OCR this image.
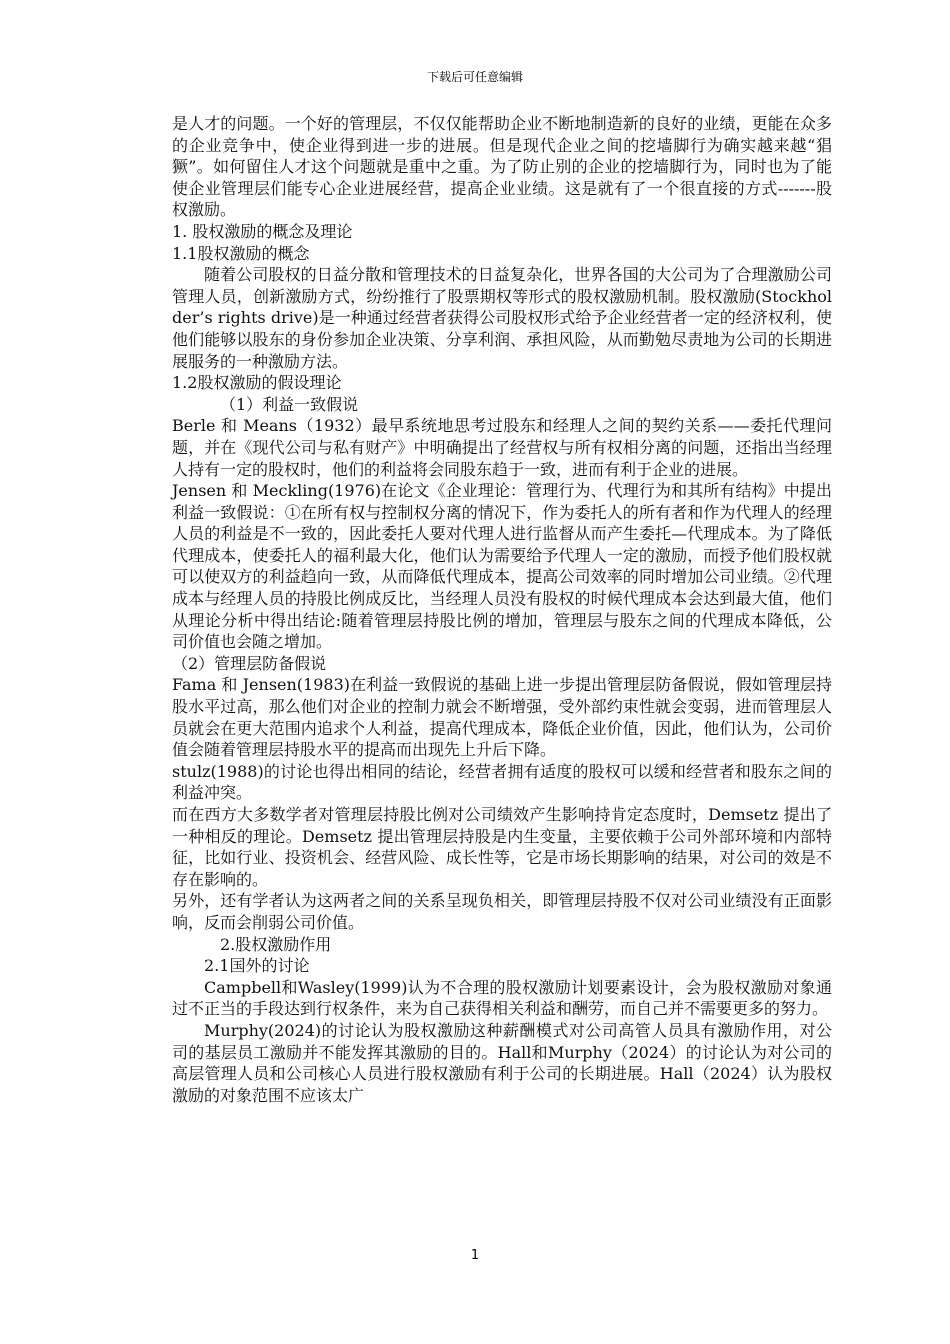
下载后可任意编辑

是人才的问题。一个好的管理层，不仅仅能帮助企业不断地制造新的良好的业绩，更能在众多的企业竞争中，使企业得到进一步的进展。但是现代企业之间的挖墙脚行为确实越来越“猖獗”。如何留住人才这个问题就是重中之重。为了防止别的企业的挖墙脚行为，同时也为了能使企业管理层们能专心企业进展经营，提高企业业绩。这是就有了一个很直接的方式-------股权激励。

1. 股权激励的概念及理论

1.1股权激励的概念

随着公司股权的日益分散和管理技术的日益复杂化，世界各国的大公司为了合理激励公司管理人员，创新激励方式，纷纷推行了股票期权等形式的股权激励机制。股权激励(Stockholder’s rights drive)是一种通过经营者获得公司股权形式给予企业经营者一定的经济权利，使他们能够以股东的身份参加企业决策、分享利润、承担风险，从而勤勉尽责地为公司的长期进展服务的一种激励方法。

1.2股权激励的假设理论

（1）利益一致假说

Berle 和 Means（1932）最早系统地思考过股东和经理人之间的契约关系——委托代理问题，并在《现代公司与私有财产》中明确提出了经营权与所有权相分离的问题，还指出当经理人持有一定的股权时，他们的利益将会同股东趋于一致，进而有利于企业的进展。

Jensen 和 Meckling(1976)在论文《企业理论：管理行为、代理行为和其所有结构》中提出利益一致假说：①在所有权与控制权分离的情况下，作为委托人的所有者和作为代理人的经理人员的利益是不一致的，因此委托人要对代理人进行监督从而产生委托—代理成本。为了降低代理成本，使委托人的福利最大化，他们认为需要给予代理人一定的激励，而授予他们股权就可以使双方的利益趋向一致，从而降低代理成本，提高公司效率的同时增加公司业绩。②代理成本与经理人员的持股比例成反比，当经理人员没有股权的时候代理成本会达到最大值，他们从理论分析中得出结论:随着管理层持股比例的增加，管理层与股东之间的代理成本降低，公司价值也会随之增加。

（2）管理层防备假说

Fama 和 Jensen(1983)在利益一致假说的基础上进一步提出管理层防备假说，假如管理层持股水平过高，那么他们对企业的控制力就会不断增强，受外部约束性就会变弱，进而管理层人员就会在更大范围内追求个人利益，提高代理成本，降低企业价值，因此，他们认为，公司价值会随着管理层持股水平的提高而出现先上升后下降。

stulz(1988)的讨论也得出相同的结论，经营者拥有适度的股权可以缓和经营者和股东之间的利益冲突。

而在西方大多数学者对管理层持股比例对公司绩效产生影响持肯定态度时，Demsetz 提出了一种相反的理论。Demsetz 提出管理层持股是内生变量，主要依赖于公司外部环境和内部特征，比如行业、投资机会、经营风险、成长性等，它是市场长期影响的结果，对公司的效是不存在影响的。

另外，还有学者认为这两者之间的关系呈现负相关，即管理层持股不仅对公司业绩没有正面影响，反而会削弱公司价值。

2.股权激励作用

2.1国外的讨论

Campbell和Wasley(1999)认为不合理的股权激励计划要素设计，会为股权激励对象通过不正当的手段达到行权条件，来为自己获得相关利益和酬劳，而自己并不需要更多的努力。

Murphy(2024)的讨论认为股权激励这种薪酬模式对公司高管人员具有激励作用，对公司的基层员工激励并不能发挥其激励的目的。Hall和Murphy（2024）的讨论认为对公司的高层管理人员和公司核心人员进行股权激励有利于公司的长期进展。Hall（2024）认为股权激励的对象范围不应该太广

1
